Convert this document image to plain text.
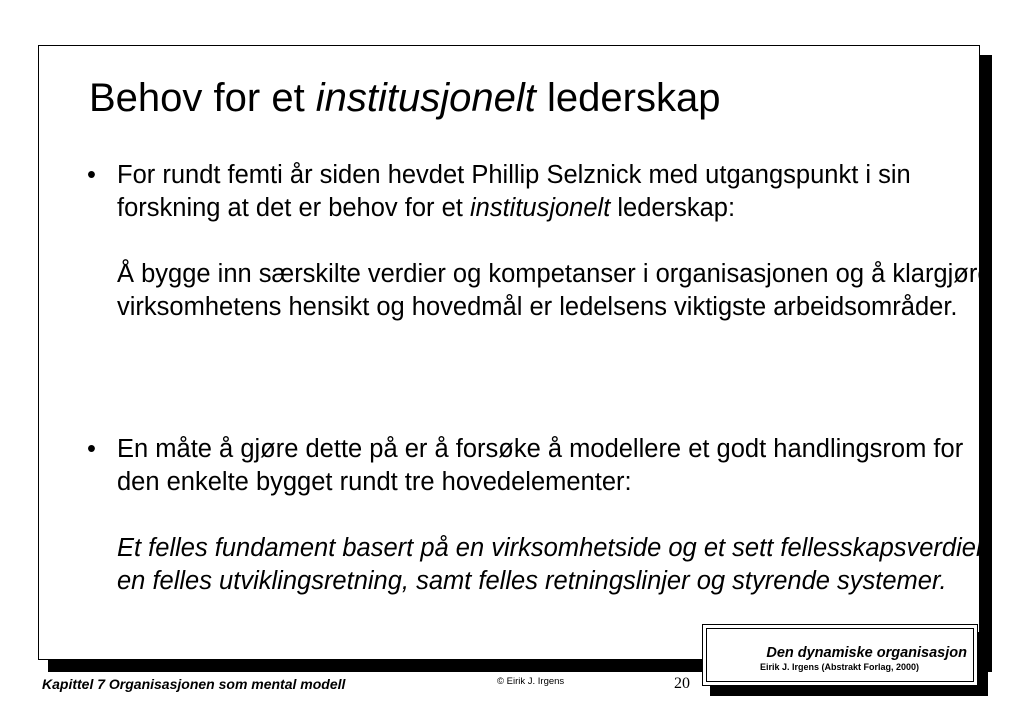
Behov for et institusjonelt lederskap
• For rundt femti år siden hevdet Phillip Selznick med utgangspunkt i sin forskning at det er behov for et institusjonelt lederskap:

Å bygge inn særskilte verdier og kompetanser i organisasjonen og å klargjøre virksomhetens hensikt og hovedmål er ledelsens viktigste arbeidsområder.

• En måte å gjøre dette på er å forsøke å modellere et godt handlingsrom for den enkelte bygget rundt tre hovedelementer:

Et felles fundament basert på en virksomhetside og et sett fellesskapsverdier, en felles utviklingsretning, samt felles retningslinjer og styrende systemer.

Den dynamiske organisasjon
Eirik J. Irgens (Abstrakt Forlag, 2000)
Kapittel 7 Organisasjonen som mental modell	© Eirik J. Irgens	20
